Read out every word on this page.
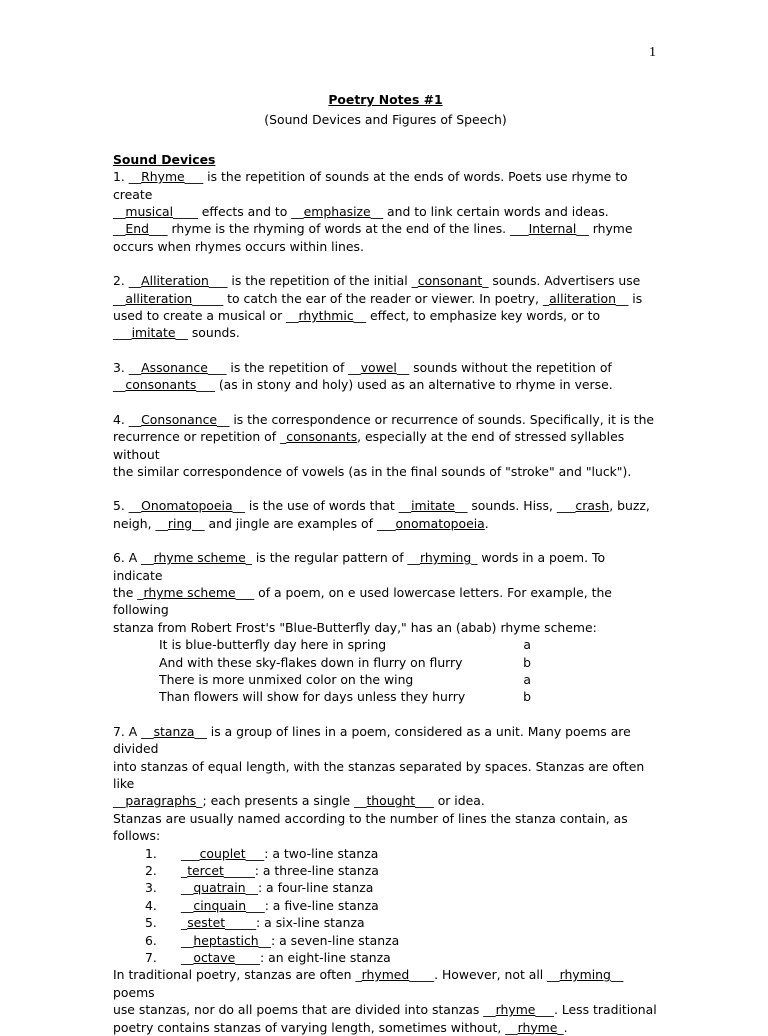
1
Poetry Notes #1
(Sound Devices and Figures of Speech)
Sound Devices
1. __Rhyme___ is the repetition of sounds at the ends of words. Poets use rhyme to create
__musical____ effects and to __emphasize__ and to link certain words and ideas.
__End___ rhyme is the rhyming of words at the end of the lines. ___Internal__ rhyme
occurs when rhymes occurs within lines.
2. __Alliteration___ is the repetition of the initial _consonant_ sounds. Advertisers use
__alliteration_____ to catch the ear of the reader or viewer. In poetry, _alliteration__ is
used to create a musical or __rhythmic__ effect, to emphasize key words, or to
___imitate__ sounds.
3. __Assonance___ is the repetition of __vowel__ sounds without the repetition of
__consonants___ (as in stony and holy) used as an alternative to rhyme in verse.
4. __Consonance__ is the correspondence or recurrence of sounds. Specifically, it is the
recurrence or repetition of _consonants, especially at the end of stressed syllables without
the similar correspondence of vowels (as in the final sounds of "stroke" and "luck").
5. __Onomatopoeia__ is the use of words that __imitate__ sounds. Hiss, ___crash, buzz,
neigh, __ring__ and jingle are examples of ___onomatopoeia.
6. A __rhyme scheme_ is the regular pattern of __rhyming_ words in a poem. To indicate
the _rhyme scheme___ of a poem, on e used lowercase letters. For example, the following
stanza from Robert Frost's "Blue-Butterfly day," has an (abab) rhyme scheme:
It is blue-butterfly day here in spring	a
And with these sky-flakes down in flurry on flurry	b
There is more unmixed color on the wing	a
Than flowers will show for days unless they hurry	b
7. A __stanza__ is a group of lines in a poem, considered as a unit. Many poems are divided
into stanzas of equal length, with the stanzas separated by spaces. Stanzas are often like
__paragraphs_; each presents a single __thought___ or idea.
Stanzas are usually named according to the number of lines the stanza contain, as follows:
1.	___couplet___: a two-line stanza
2.	_tercet_____: a three-line stanza
3.	__quatrain__: a four-line stanza
4.	__cinquain___: a five-line stanza
5.	_sestet_____: a six-line stanza
6.	__heptastich__: a seven-line stanza
7.	__octave____: an eight-line stanza
In traditional poetry, stanzas are often _rhymed____. However, not all __rhyming__ poems
use stanzas, nor do all poems that are divided into stanzas __rhyme___. Less traditional
poetry contains stanzas of varying length, sometimes without, __rhyme_.
